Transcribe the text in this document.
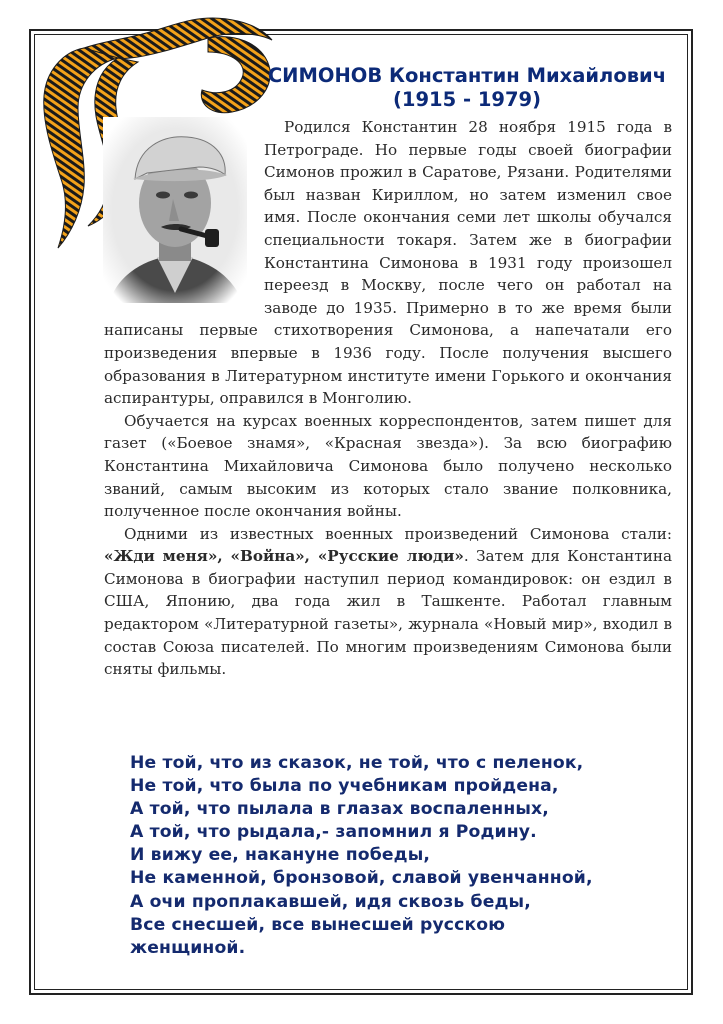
СИМОНОВ Константин Михайлович
(1915 - 1979)

Родился Константин 28 ноября 1915 года в Петрограде. Но первые годы своей биографии Симонов прожил в Саратове, Рязани. Родителями был назван Кириллом, но затем изменил свое имя. После окончания семи лет школы обучался специальности токаря. Затем же в биографии Константина Симонова в 1931 году произошел переезд в Москву, после чего он работал на заводе до 1935. Примерно в то же время были написаны первые стихотворения Симонова, а напечатали его произведения впервые в 1936 году. После получения высшего образования в Литературном институте имени Горького и окончания аспирантуры, оправился в Монголию.

Обучается на курсах военных корреспондентов, затем пишет для газет («Боевое знамя», «Красная звезда»). За всю биографию Константина Михайловича Симонова было получено несколько званий, самым высоким из которых стало звание полковника, полученное после окончания войны.

Одними из известных военных произведений Симонова стали: «Жди меня», «Война», «Русские люди». Затем для Константина Симонова в биографии наступил период командировок: он ездил в США, Японию, два года жил в Ташкенте. Работал главным редактором «Литературной газеты», журнала «Новый мир», входил в состав Союза писателей. По многим произведениям Симонова были сняты фильмы.

Не той, что из сказок, не той, что с пеленок,
Не той, что была по учебникам пройдена,
А той, что пылала в глазах воспаленных,
А той, что рыдала,- запомнил я Родину.
И вижу ее, накануне победы,
Не каменной, бронзовой, славой увенчанной,
А очи проплакавшей, идя сквозь беды,
Все снесшей, все вынесшей русскою
женщиной.
